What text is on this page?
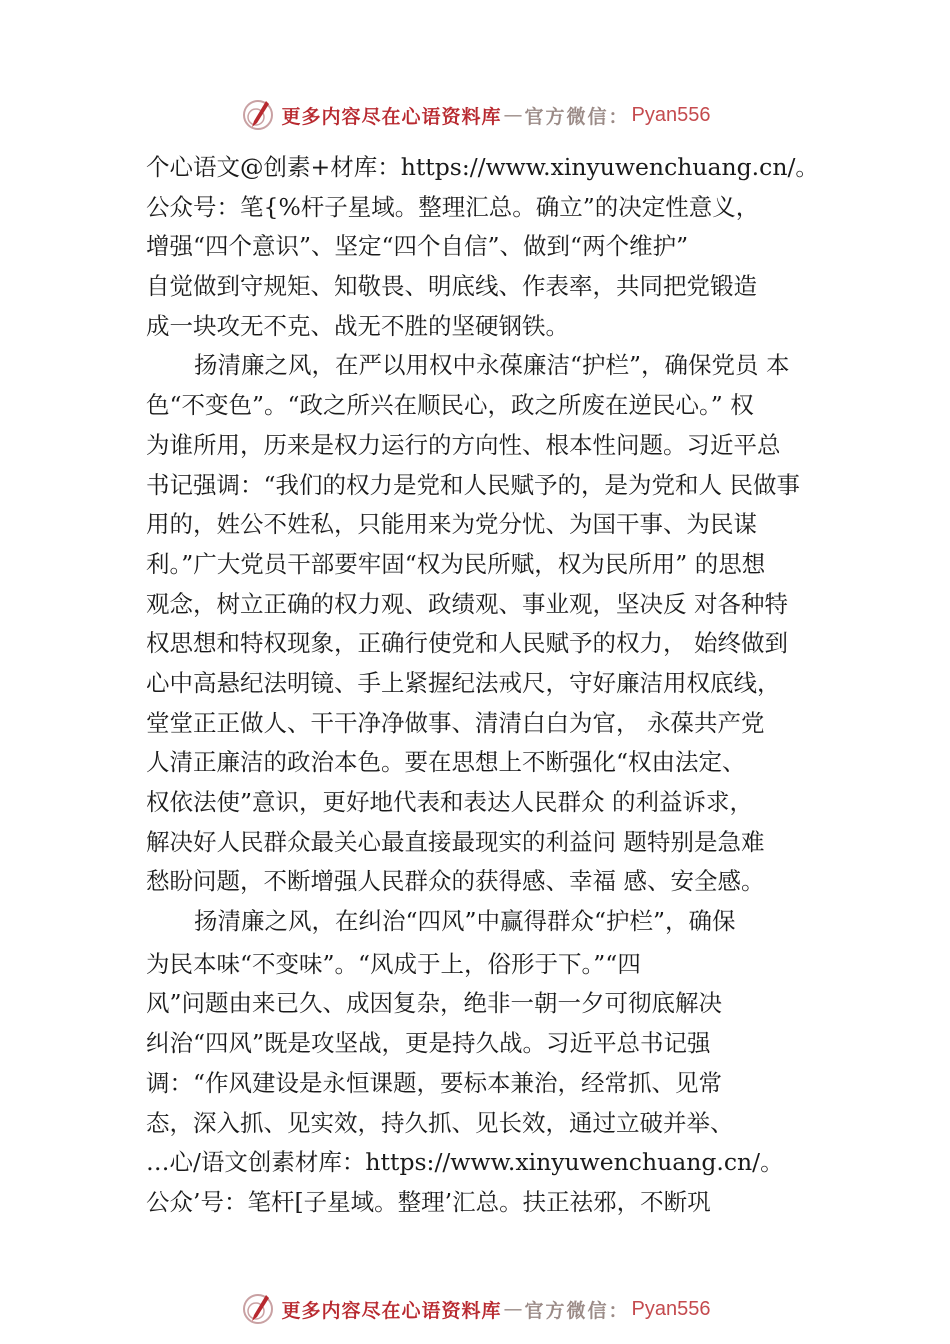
更多内容尽在心语资料库 — 官方微信： Pyan556
个心语文@创素+材库：https://www.xinyuwenchuang.cn/。
公众号：笔{%杆子星域。整理汇总。确立”的决定性意义，
增强“四个意识”、坚定“四个自信”、做到“两个维护”
自觉做到守规矩、知敬畏、明底线、作表率，共同把党锻造
成一块攻无不克、战无不胜的坚硬钢铁。
扬清廉之风，在严以用权中永葆廉洁“护栏”，确保党员 本
色“不变色”。“政之所兴在顺民心，政之所废在逆民心。” 权
为谁所用，历来是权力运行的方向性、根本性问题。习近平总
书记强调：“我们的权力是党和人民赋予的，是为党和人 民做事
用的，姓公不姓私，只能用来为党分忧、为国干事、为民谋
利。”广大党员干部要牢固“权为民所赋，权为民所用” 的思想
观念，树立正确的权力观、政绩观、事业观，坚决反 对各种特
权思想和特权现象，正确行使党和人民赋予的权力， 始终做到
心中高悬纪法明镜、手上紧握纪法戒尺，守好廉洁用权底线，
堂堂正正做人、干干净净做事、清清白白为官， 永葆共产党
人清正廉洁的政治本色。要在思想上不断强化“权由法定、
权依法使”意识，更好地代表和表达人民群众 的利益诉求，
解决好人民群众最关心最直接最现实的利益问 题特别是急难
愁盼问题，不断增强人民群众的获得感、幸福 感、安全感。
扬清廉之风，在纠治“四风”中赢得群众“护栏”，确保
为民本味“不变味”。“风成于上，俗形于下。”“四
风”问题由来已久、成因复杂，绝非一朝一夕可彻底解决
纠治“四风”既是攻坚战，更是持久战。习近平总书记强
调：“作风建设是永恒课题，要标本兼治，经常抓、见常
态，深入抓、见实效，持久抓、见长效，通过立破并举、
…心/语文创素材库：https://www.xinyuwenchuang.cn/。
公众’号：笔杆[子星域。整理’汇总。扶正祛邪，不断巩
更多内容尽在心语资料库 — 官方微信： Pyan556
